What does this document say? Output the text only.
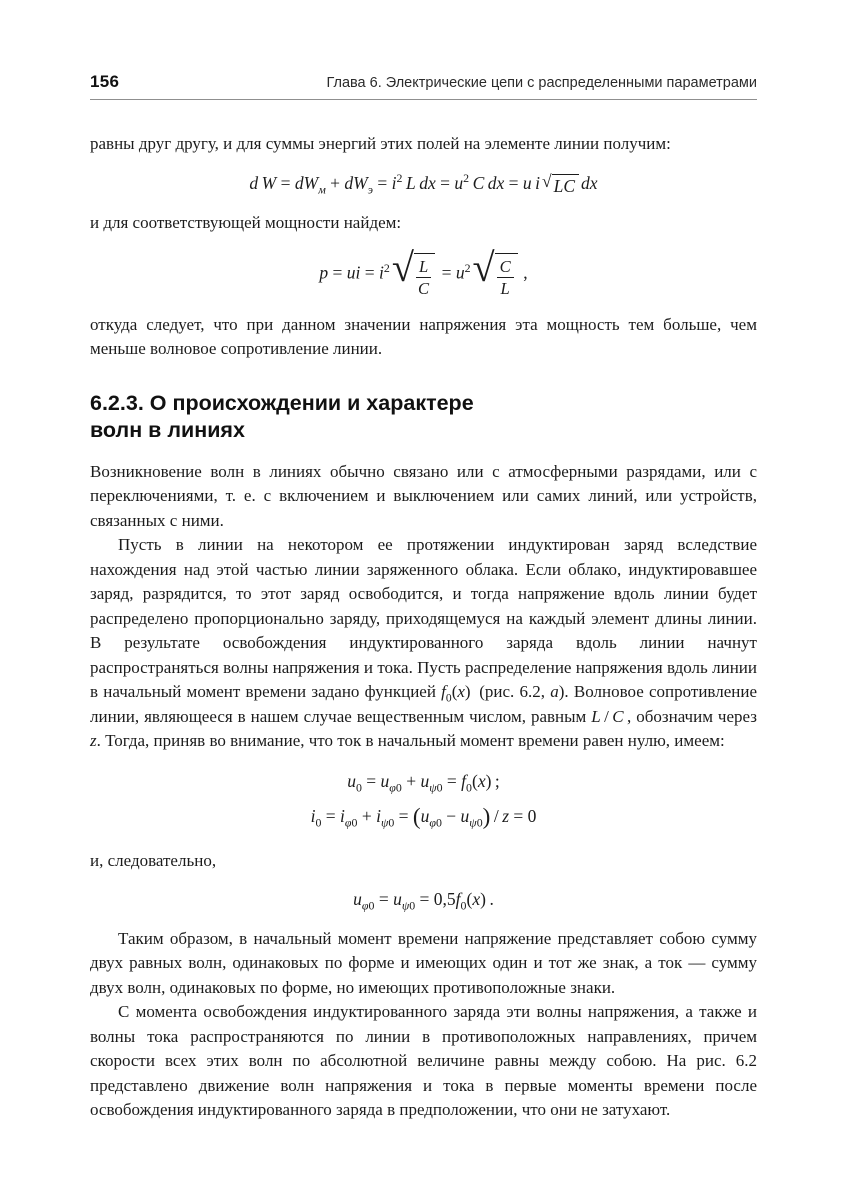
156	Глава 6. Электрические цепи с распределенными параметрами

равны друг другу, и для суммы энергий этих полей на элементе линии получим:

d $W = dW_м + dW_э = i^2$  L dx = $u^2$  C dx = u i √ LC dx

и для соответствующей мощности найдем:

p = ui = $i^2$ √ $\frac{L}{C} = u^2$ √ $\frac{C}{L}$  ,

откуда следует, что при данном значении напряжения эта мощность тем больше, чем меньше волновое сопротивление линии.

6.2.3. О происхождении и характере
волн в линиях

Возникновение волн в линиях обычно связано или с атмосферными разрядами, или с переключениями, т. е. с включением и выключением или самих линий, или устройств, связанных с ними.

Пусть в линии на некотором ее протяжении индуктирован заряд вследствие нахождения над этой частью линии заряженного облака. Если облако, индуктировавшее заряд, разрядится, то этот заряд освободится, и тогда напряжение вдоль линии будет распределено пропорционально заряду, приходящемуся на каждый элемент длины линии. В результате освобождения индуктированного заряда вдоль линии начнут распространяться волны напряжения и тока. Пусть распределение напряжения вдоль линии в начальный момент времени задано функцией $f_0(x)$  (рис. 6.2, а). Волновое сопротивление линии, являющееся в нашем случае вещественным числом, равным L / C , обозначим через z. Тогда, приняв во внимание, что ток в начальный момент времени равен нулю, имеем:

$u_0 = u_{\varphi 0} + u_{\psi 0} = f_0(x)$ ;
$i_0 = i_{\varphi 0} + i_{\psi 0} = (u_{\varphi 0} - u_{\psi 0}) / z = 0$

и, следовательно,

$u_{\varphi 0} = u_{\psi 0} = 0,5f_0(x)$ .

Таким образом, в начальный момент времени напряжение представляет собою сумму двух равных волн, одинаковых по форме и имеющих один и тот же знак, а ток — сумму двух волн, одинаковых по форме, но имеющих противоположные знаки.

С момента освобождения индуктированного заряда эти волны напряжения, а также и волны тока распространяются по линии в противоположных направлениях, причем скорости всех этих волн по абсолютной величине равны между собою. На рис. 6.2 представлено движение волн напряжения и тока в первые моменты времени после освобождения индуктированного заряда в предположении, что они не затухают.
